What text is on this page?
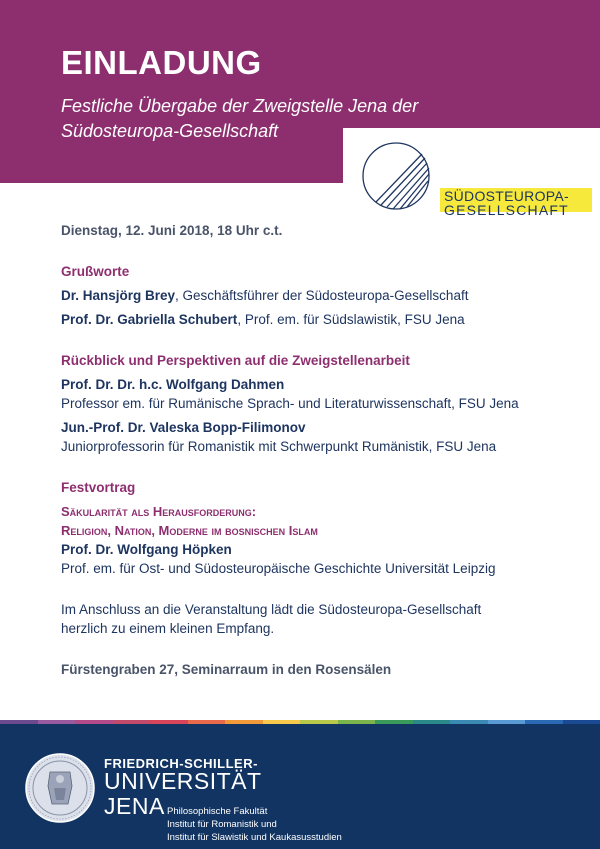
EINLADUNG
Festliche Übergabe der Zweigstelle Jena der
Südosteuropa-Gesellschaft
SÜDOSTEUROPA-
GESELLSCHAFT
Dienstag, 12. Juni 2018, 18 Uhr c.t.
Grußworte
Dr. Hansjörg Brey, Geschäftsführer der Südosteuropa-Gesellschaft
Prof. Dr. Gabriella Schubert, Prof. em. für Südslawistik, FSU Jena
Rückblick und Perspektiven auf die Zweigstellenarbeit
Prof. Dr. Dr. h.c. Wolfgang Dahmen
Professor em. für Rumänische Sprach- und Literaturwissenschaft, FSU Jena
Jun.-Prof. Dr. Valeska Bopp-Filimonov
Juniorprofessorin für Romanistik mit Schwerpunkt Rumänistik, FSU Jena
Festvortrag
Säkularität als Herausforderung:
Religion, Nation, Moderne im bosnischen Islam
Prof. Dr. Wolfgang Höpken
Prof. em. für Ost- und Südosteuropäische Geschichte Universität Leipzig
Im Anschluss an die Veranstaltung lädt die Südosteuropa-Gesellschaft
herzlich zu einem kleinen Empfang.
Fürstengraben 27, Seminarraum in den Rosensälen
FRIEDRICH-SCHILLER-
UNIVERSITÄT
JENA Philosophische Fakultät
Institut für Romanistik und
Institut für Slawistik und Kaukasusstudien
